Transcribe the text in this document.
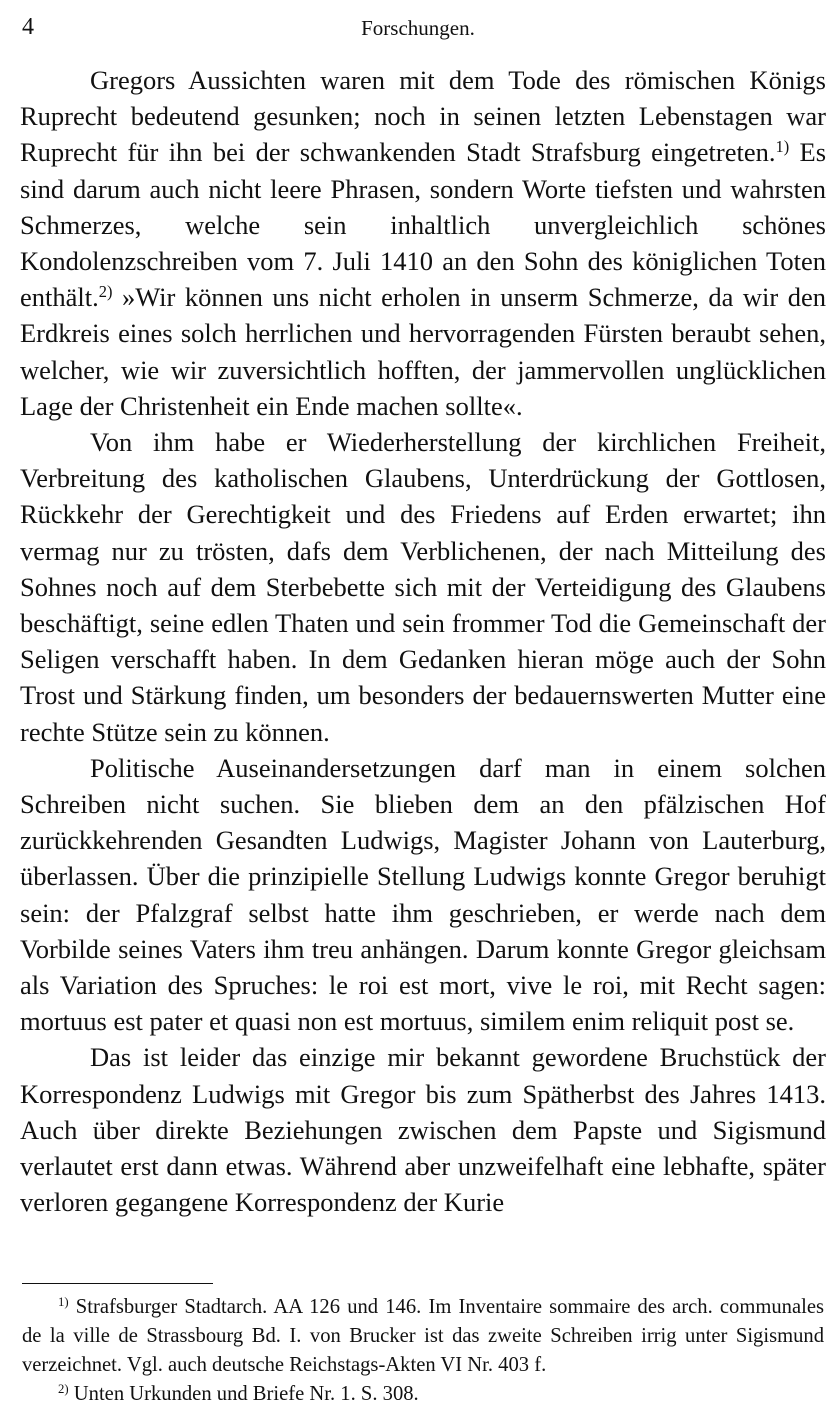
4	Forschungen.

Gregors Aussichten waren mit dem Tode des römischen Königs Ruprecht bedeutend gesunken; noch in seinen letzten Lebenstagen war Ruprecht für ihn bei der schwankenden Stadt Strafsburg eingetreten.$^{1)}$ Es sind darum auch nicht leere Phrasen, sondern Worte tiefsten und wahrsten Schmerzes, welche sein inhaltlich unvergleichlich schönes Kondolenzschreiben vom 7. Juli 1410 an den Sohn des königlichen Toten enthält.$^{2)}$ »Wir können uns nicht erholen in unserm Schmerze, da wir den Erdkreis eines solch herrlichen und hervorragenden Fürsten beraubt sehen, welcher, wie wir zuversichtlich hofften, der jammervollen unglücklichen Lage der Christenheit ein Ende machen sollte«.

Von ihm habe er Wiederherstellung der kirchlichen Freiheit, Verbreitung des katholischen Glaubens, Unterdrückung der Gottlosen, Rückkehr der Gerechtigkeit und des Friedens auf Erden erwartet; ihn vermag nur zu trösten, dafs dem Verblichenen, der nach Mitteilung des Sohnes noch auf dem Sterbebette sich mit der Verteidigung des Glaubens beschäftigt, seine edlen Thaten und sein frommer Tod die Gemeinschaft der Seligen verschafft haben. In dem Gedanken hieran möge auch der Sohn Trost und Stärkung finden, um besonders der bedauernswerten Mutter eine rechte Stütze sein zu können.

Politische Auseinandersetzungen darf man in einem solchen Schreiben nicht suchen. Sie blieben dem an den pfälzischen Hof zurückkehrenden Gesandten Ludwigs, Magister Johann von Lauterburg, überlassen. Über die prinzipielle Stellung Ludwigs konnte Gregor beruhigt sein: der Pfalzgraf selbst hatte ihm geschrieben, er werde nach dem Vorbilde seines Vaters ihm treu anhängen. Darum konnte Gregor gleichsam als Variation des Spruches: le roi est mort, vive le roi, mit Recht sagen: mortuus est pater et quasi non est mortuus, similem enim reliquit post se.

Das ist leider das einzige mir bekannt gewordene Bruchstück der Korrespondenz Ludwigs mit Gregor bis zum Spätherbst des Jahres 1413. Auch über direkte Beziehungen zwischen dem Papste und Sigismund verlautet erst dann etwas. Während aber unzweifelhaft eine lebhafte, später verloren gegangene Korrespondenz der Kurie

$^{1)}$ Strafsburger Stadtarch. AA 126 und 146. Im Inventaire sommaire des arch. communales de la ville de Strassbourg Bd. I. von Brucker ist das zweite Schreiben irrig unter Sigismund verzeichnet. Vgl. auch deutsche Reichstags-Akten VI Nr. 403 f.

$^{2)}$ Unten Urkunden und Briefe Nr. 1. S. 308.
